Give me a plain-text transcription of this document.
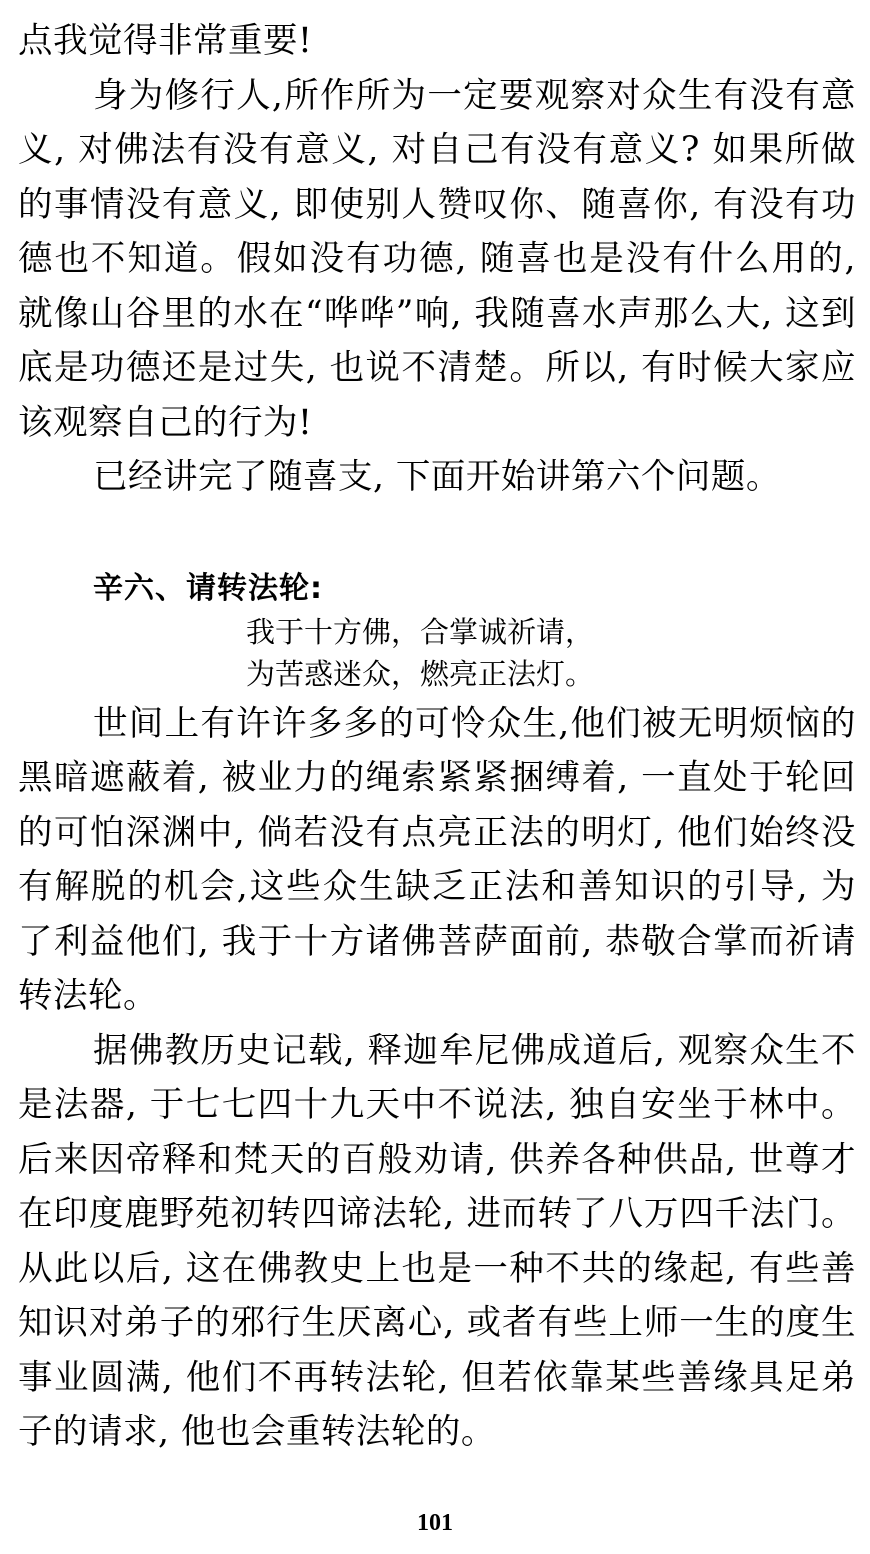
点我觉得非常重要!

身为修行人,所作所为一定要观察对众生有没有意义, 对佛法有没有意义, 对自己有没有意义? 如果所做的事情没有意义, 即使别人赞叹你、随喜你, 有没有功德也不知道。假如没有功德, 随喜也是没有什么用的, 就像山谷里的水在“哗哗”响, 我随喜水声那么大, 这到底是功德还是过失, 也说不清楚。所以, 有时候大家应该观察自己的行为!

已经讲完了随喜支, 下面开始讲第六个问题。

辛六、请转法轮:
我于十方佛，合掌诚祈请，
为苦惑迷众，燃亮正法灯。

世间上有许许多多的可怜众生,他们被无明烦恼的黑暗遮蔽着, 被业力的绳索紧紧捆缚着, 一直处于轮回的可怕深渊中, 倘若没有点亮正法的明灯, 他们始终没有解脱的机会,这些众生缺乏正法和善知识的引导, 为了利益他们, 我于十方诸佛菩萨面前, 恭敬合掌而祈请转法轮。

据佛教历史记载, 释迦牟尼佛成道后, 观察众生不是法器, 于七七四十九天中不说法, 独自安坐于林中。后来因帝释和梵天的百般劝请, 供养各种供品, 世尊才在印度鹿野苑初转四谛法轮, 进而转了八万四千法门。从此以后, 这在佛教史上也是一种不共的缘起, 有些善知识对弟子的邪行生厌离心, 或者有些上师一生的度生事业圆满, 他们不再转法轮, 但若依靠某些善缘具足弟子的请求, 他也会重转法轮的。

101
